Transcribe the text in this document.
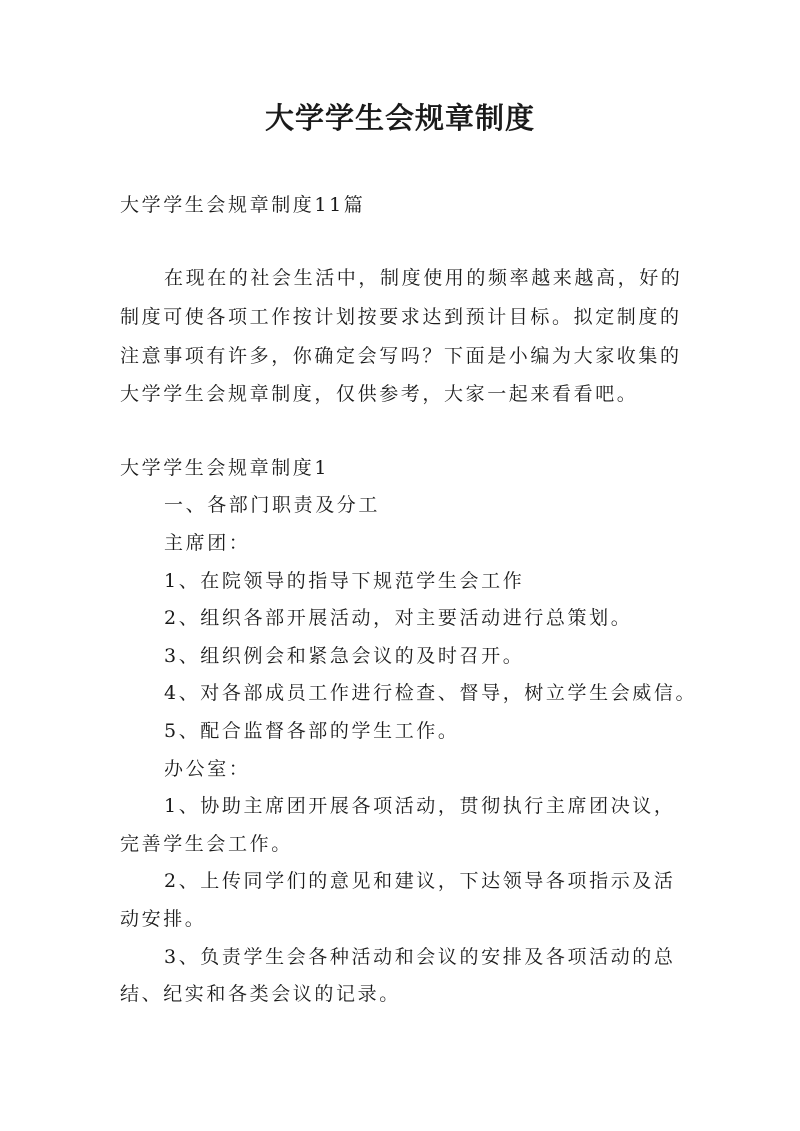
大学学生会规章制度
大学学生会规章制度11篇
在现在的社会生活中，制度使用的频率越来越高，好的
制度可使各项工作按计划按要求达到预计目标。拟定制度的
注意事项有许多，你确定会写吗？下面是小编为大家收集的
大学学生会规章制度，仅供参考，大家一起来看看吧。
大学学生会规章制度1
一、各部门职责及分工
主席团：
1、在院领导的指导下规范学生会工作
2、组织各部开展活动，对主要活动进行总策划。
3、组织例会和紧急会议的及时召开。
4、对各部成员工作进行检查、督导，树立学生会威信。
5、配合监督各部的学生工作。
办公室：
1、协助主席团开展各项活动，贯彻执行主席团决议，
完善学生会工作。
2、上传同学们的意见和建议，下达领导各项指示及活
动安排。
3、负责学生会各种活动和会议的安排及各项活动的总
结、纪实和各类会议的记录。
